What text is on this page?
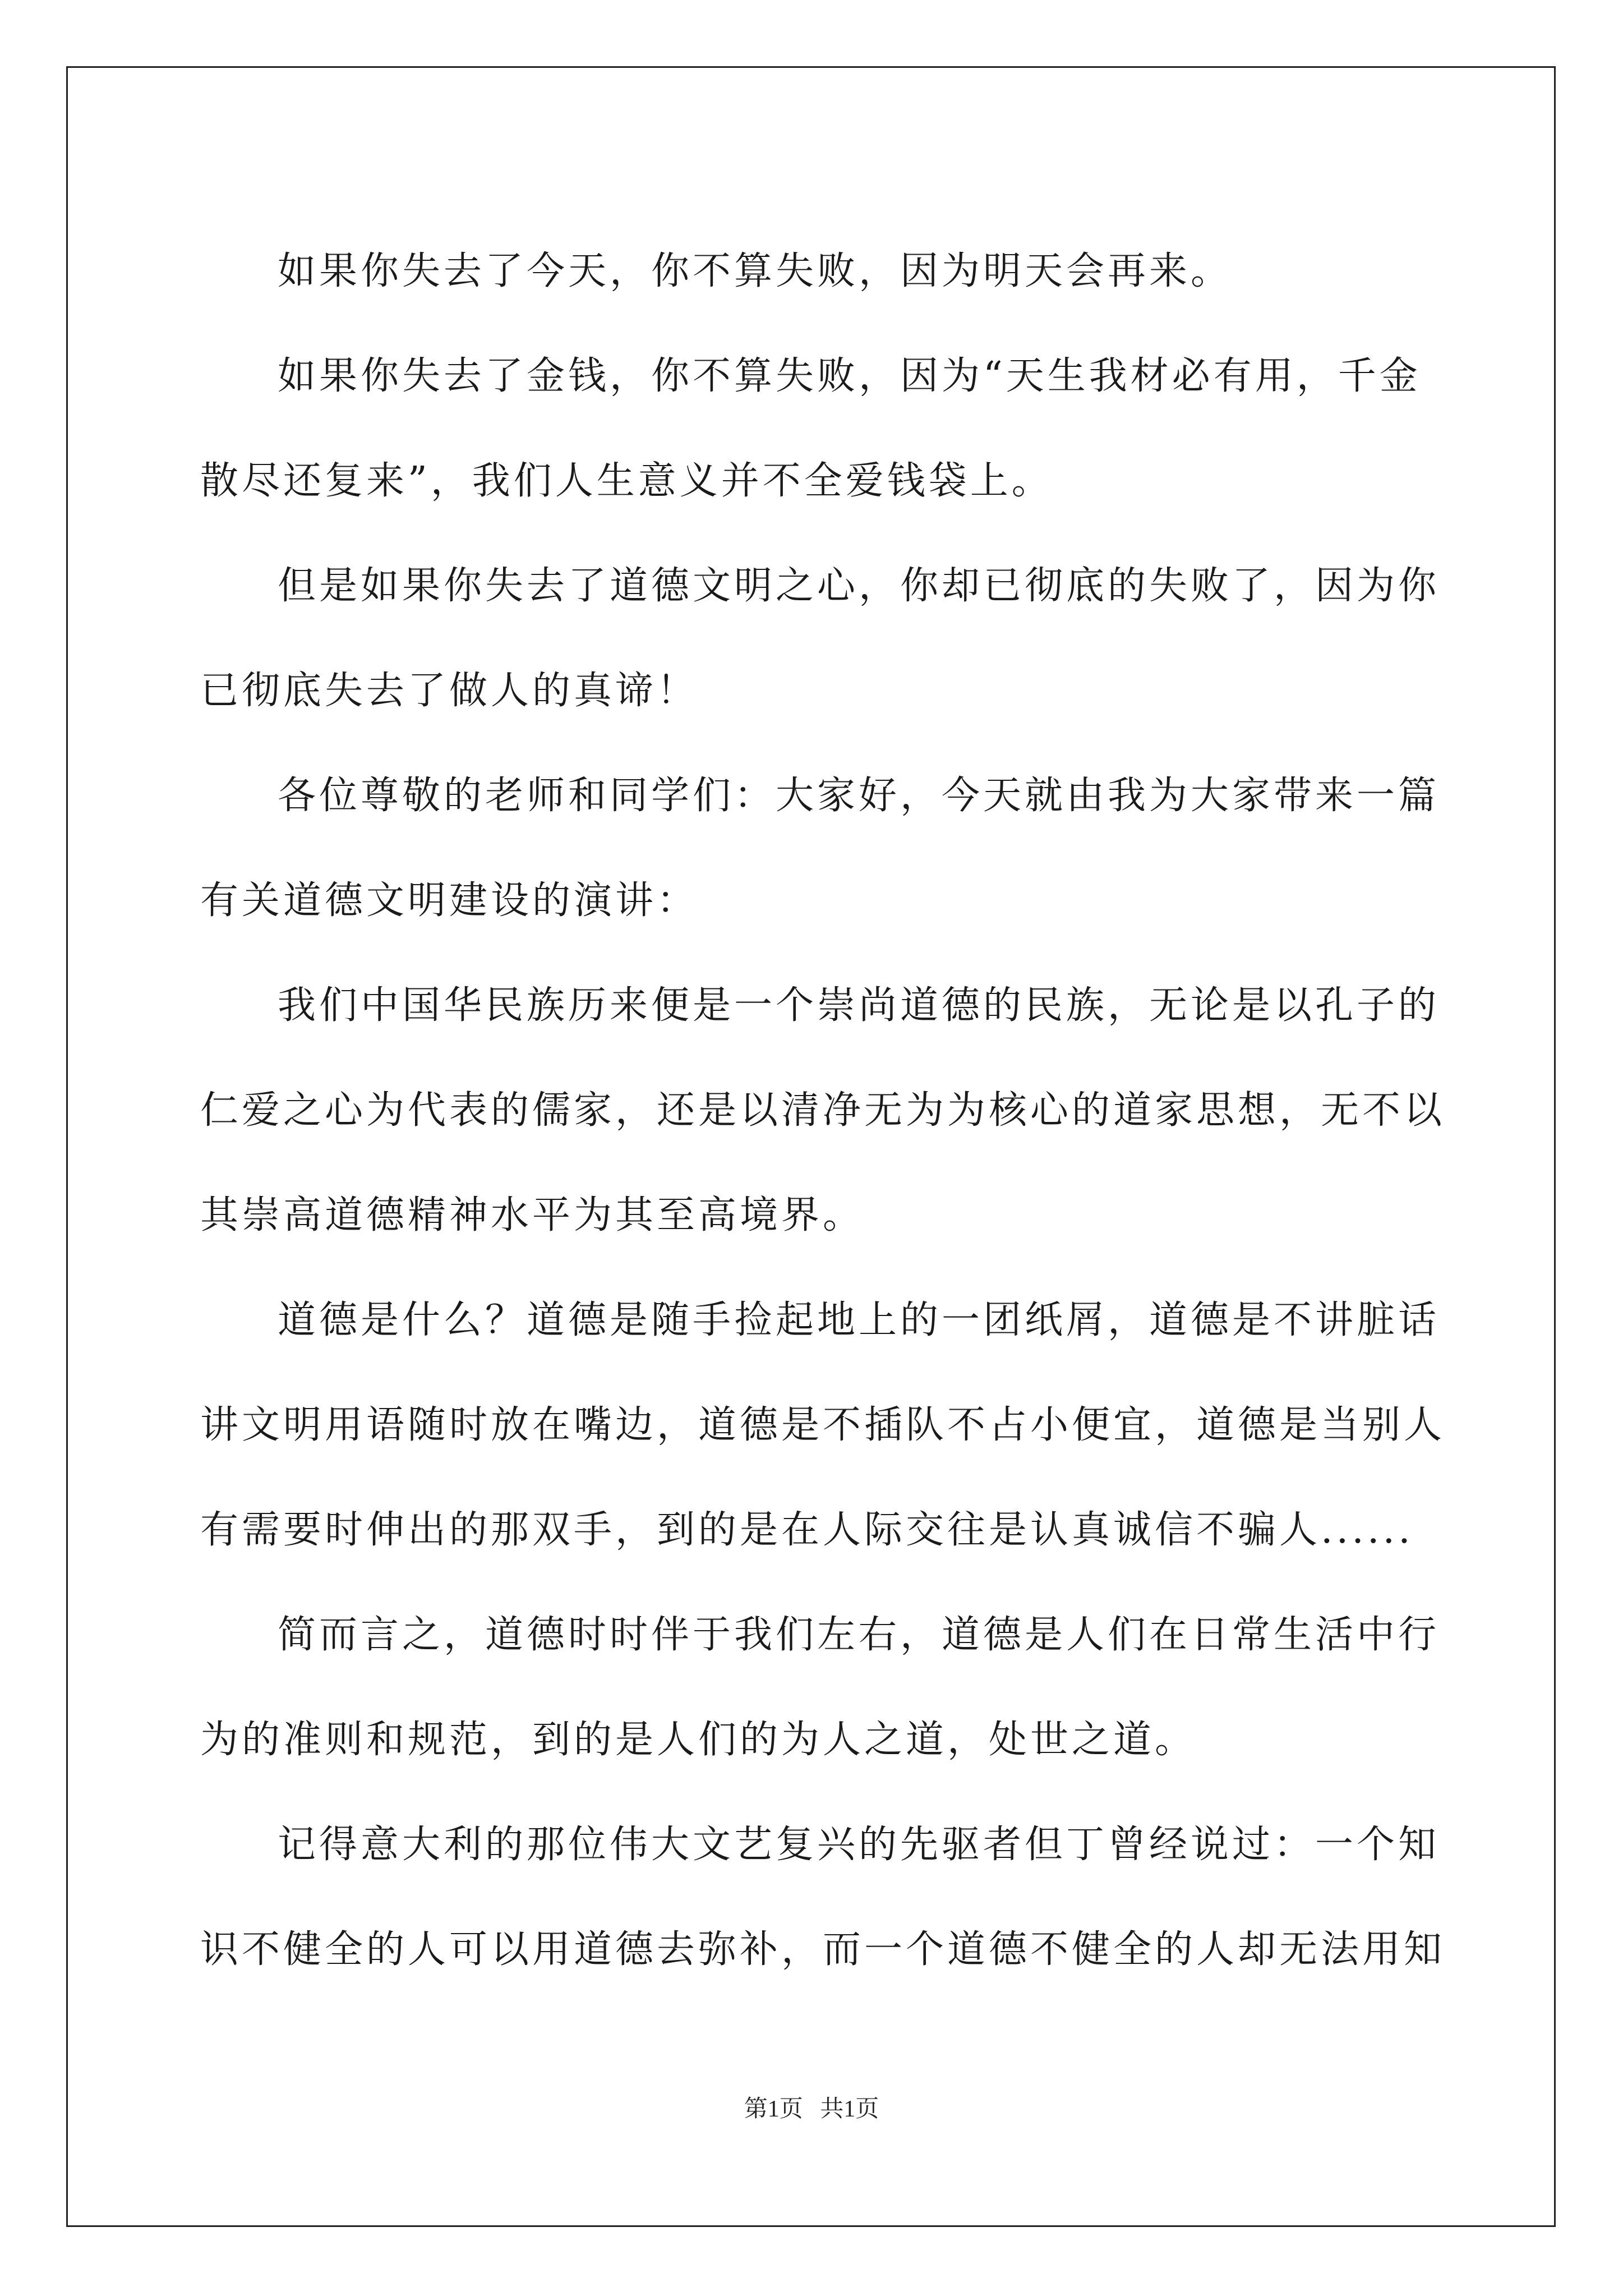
如果你失去了今天，你不算失败，因为明天会再来。

如果你失去了金钱，你不算失败，因为“天生我材必有用，千金
散尽还复来”，我们人生意义并不全爱钱袋上。

但是如果你失去了道德文明之心，你却已彻底的失败了，因为你
已彻底失去了做人的真谛！

各位尊敬的老师和同学们：大家好，今天就由我为大家带来一篇
有关道德文明建设的演讲：

我们中国华民族历来便是一个崇尚道德的民族，无论是以孔子的
仁爱之心为代表的儒家，还是以清净无为为核心的道家思想，无不以
其崇高道德精神水平为其至高境界。

道德是什么？道德是随手捡起地上的一团纸屑，道德是不讲脏话
讲文明用语随时放在嘴边，道德是不插队不占小便宜，道德是当别人
有需要时伸出的那双手，到的是在人际交往是认真诚信不骗人......

简而言之，道德时时伴于我们左右，道德是人们在日常生活中行
为的准则和规范，到的是人们的为人之道，处世之道。

记得意大利的那位伟大文艺复兴的先驱者但丁曾经说过：一个知
识不健全的人可以用道德去弥补，而一个道德不健全的人却无法用知

第1页 共1页
